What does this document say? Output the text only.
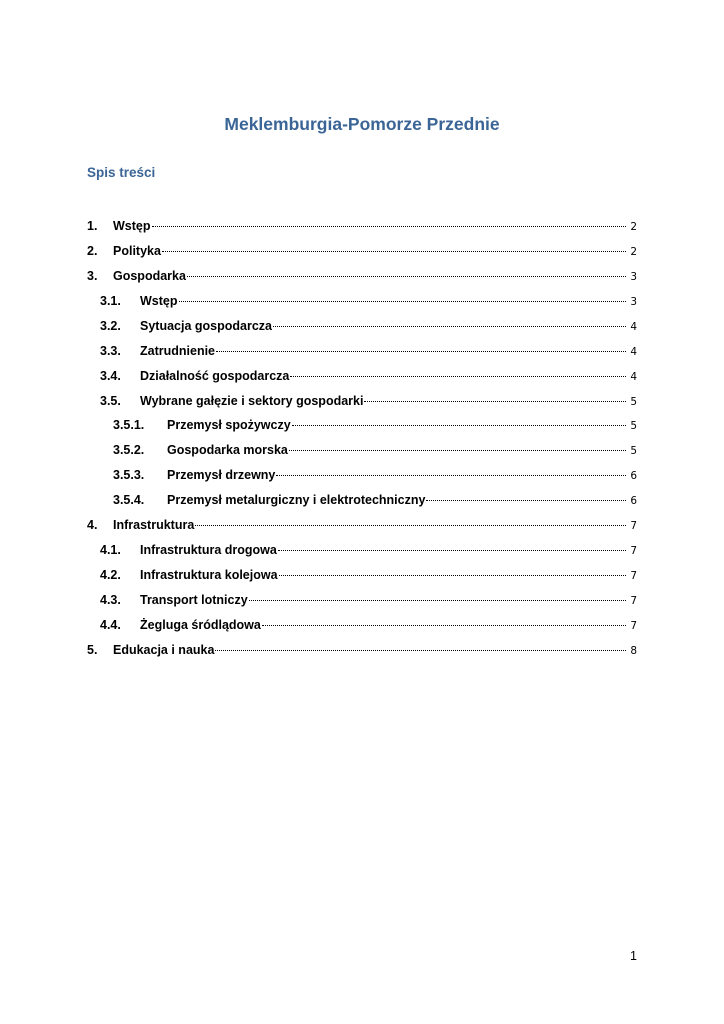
Meklemburgia-Pomorze Przednie
Spis treści
1.	Wstęp	2
2.	Polityka	2
3.	Gospodarka	3
3.1.	Wstęp	3
3.2.	Sytuacja gospodarcza	4
3.3.	Zatrudnienie	4
3.4.	Działalność gospodarcza	4
3.5.	Wybrane gałęzie i sektory gospodarki	5
3.5.1.	Przemysł spożywczy	5
3.5.2.	Gospodarka morska	5
3.5.3.	Przemysł drzewny	6
3.5.4.	Przemysł metalurgiczny i elektrotechniczny	6
4.	Infrastruktura	7
4.1.	Infrastruktura drogowa	7
4.2.	Infrastruktura kolejowa	7
4.3.	Transport lotniczy	7
4.4.	Żegluga śródlądowa	7
5.	Edukacja i nauka	8
1
